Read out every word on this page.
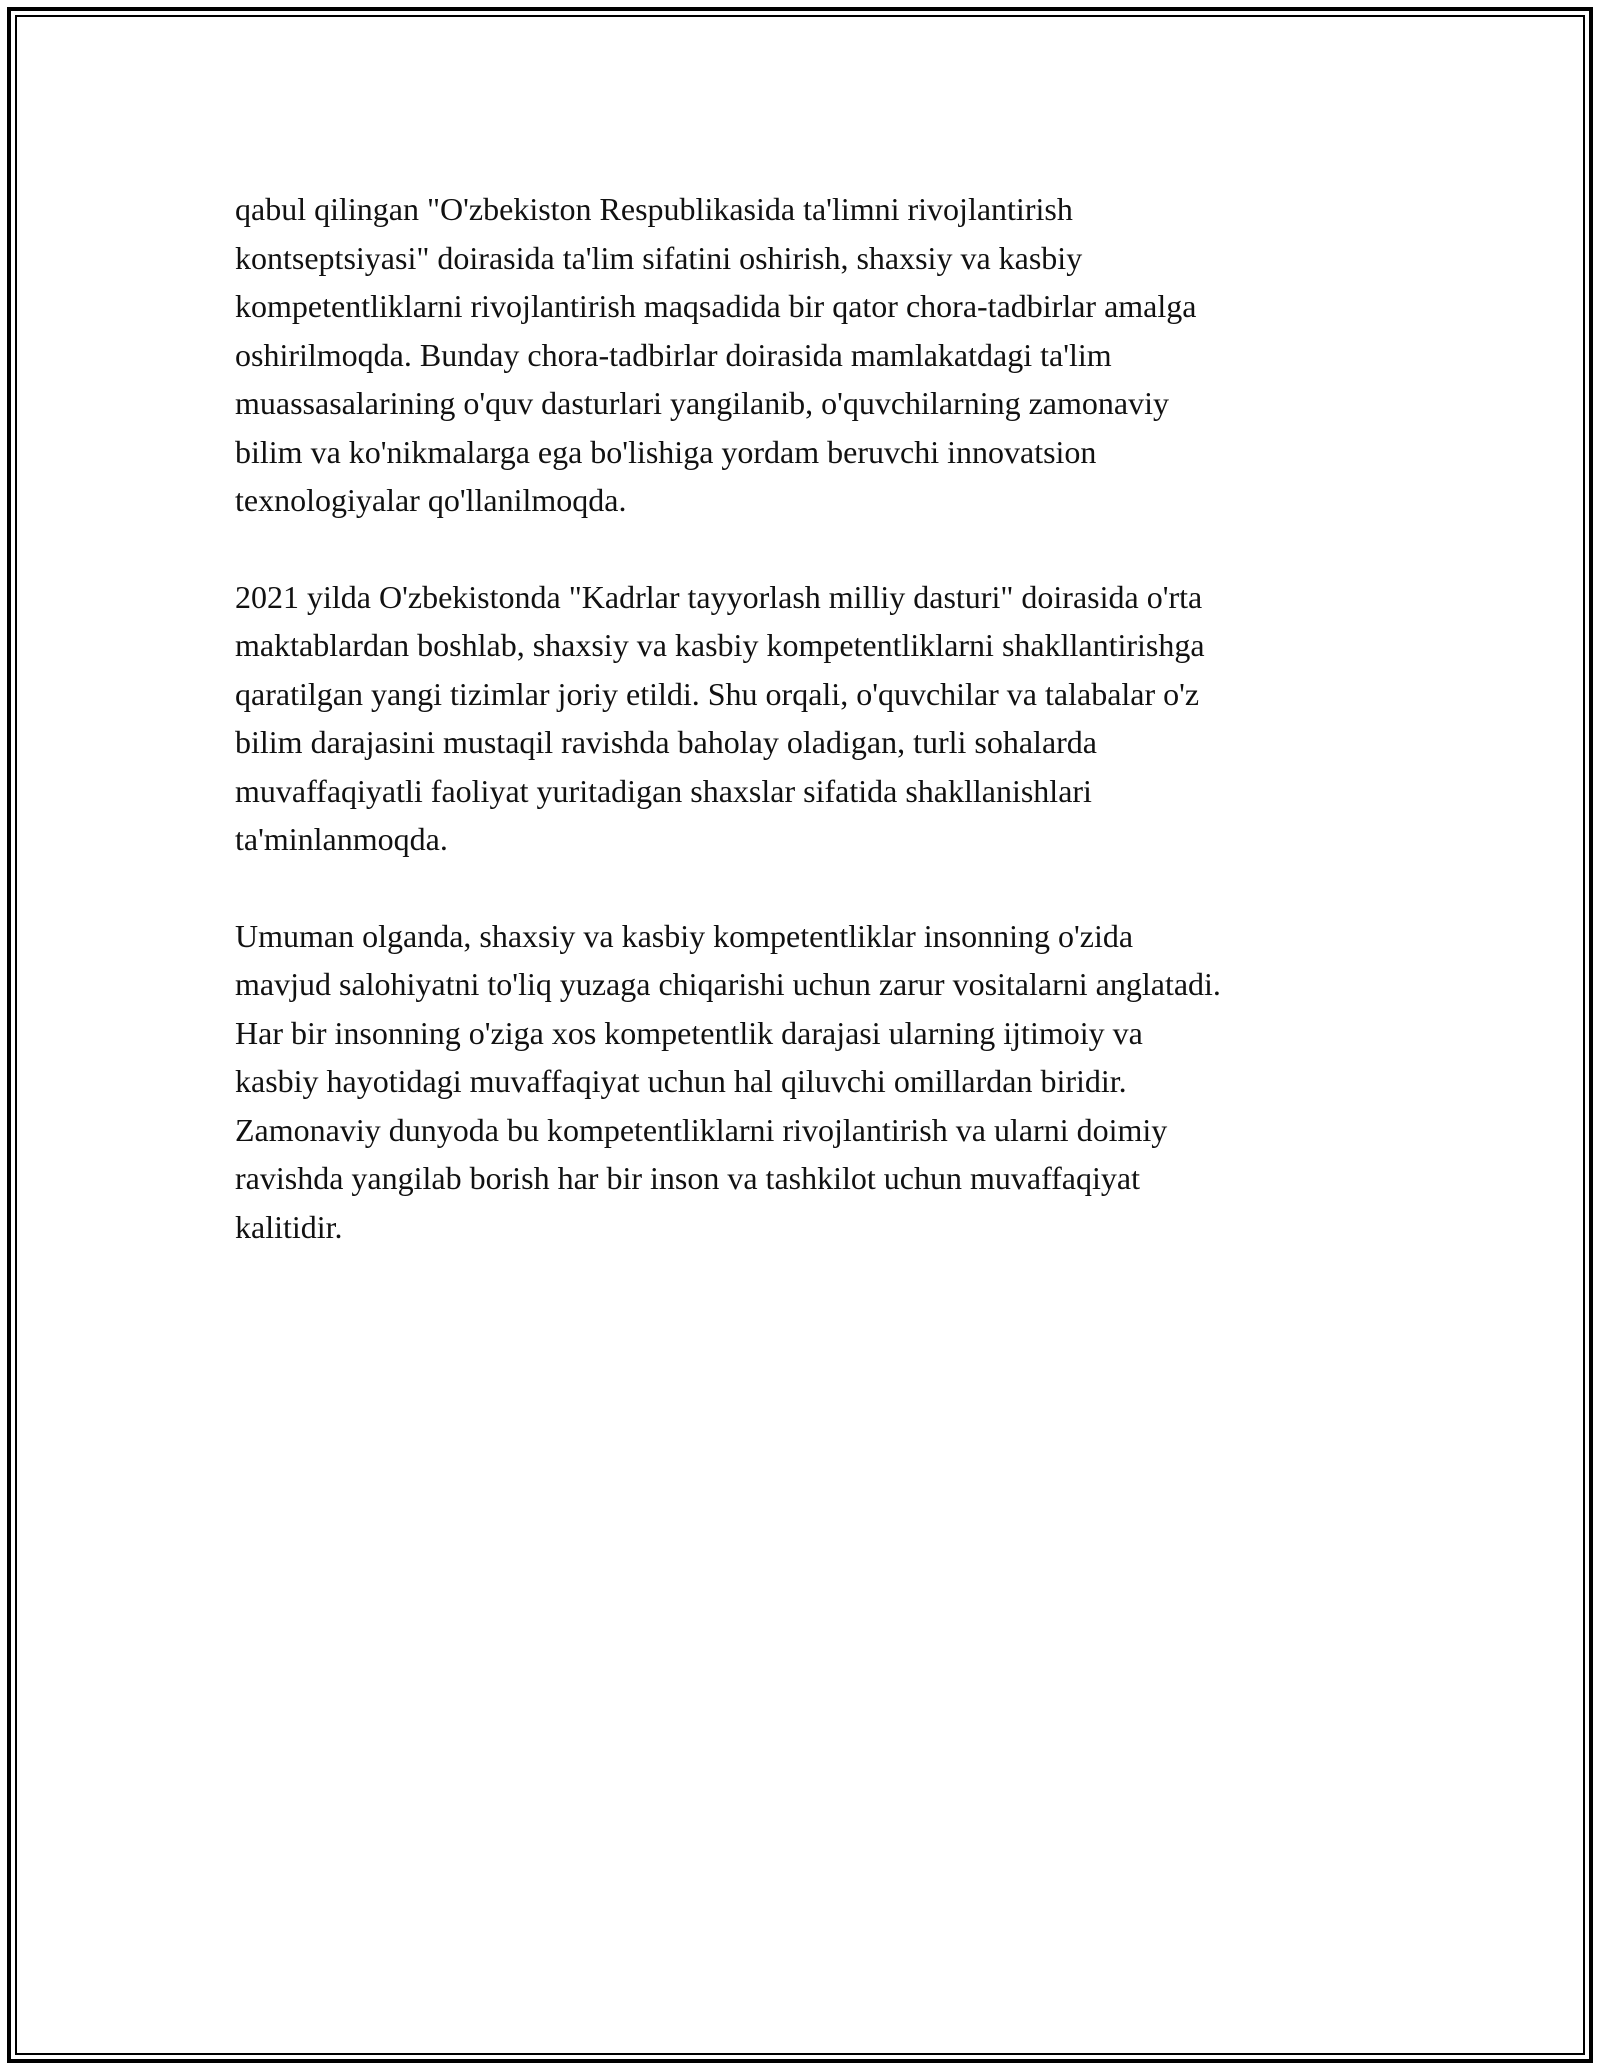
qabul qilingan "O'zbekiston Respublikasida ta'limni rivojlantirish
kontseptsiyasi" doirasida ta'lim sifatini oshirish, shaxsiy va kasbiy
kompetentliklarni rivojlantirish maqsadida bir qator chora-tadbirlar amalga
oshirilmoqda. Bunday chora-tadbirlar doirasida mamlakatdagi ta'lim
muassasalarining o'quv dasturlari yangilanib, o'quvchilarning zamonaviy
bilim va ko'nikmalarga ega bo'lishiga yordam beruvchi innovatsion
texnologiyalar qo'llanilmoqda.

2021 yilda O'zbekistonda "Kadrlar tayyorlash milliy dasturi" doirasida o'rta
maktablardan boshlab, shaxsiy va kasbiy kompetentliklarni shakllantirishga
qaratilgan yangi tizimlar joriy etildi. Shu orqali, o'quvchilar va talabalar o'z
bilim darajasini mustaqil ravishda baholay oladigan, turli sohalarda
muvaffaqiyatli faoliyat yuritadigan shaxslar sifatida shakllanishlari
ta'minlanmoqda.

Umuman olganda, shaxsiy va kasbiy kompetentliklar insonning o'zida
mavjud salohiyatni to'liq yuzaga chiqarishi uchun zarur vositalarni anglatadi.
Har bir insonning o'ziga xos kompetentlik darajasi ularning ijtimoiy va
kasbiy hayotidagi muvaffaqiyat uchun hal qiluvchi omillardan biridir.
Zamonaviy dunyoda bu kompetentliklarni rivojlantirish va ularni doimiy
ravishda yangilab borish har bir inson va tashkilot uchun muvaffaqiyat
kalitidir.
